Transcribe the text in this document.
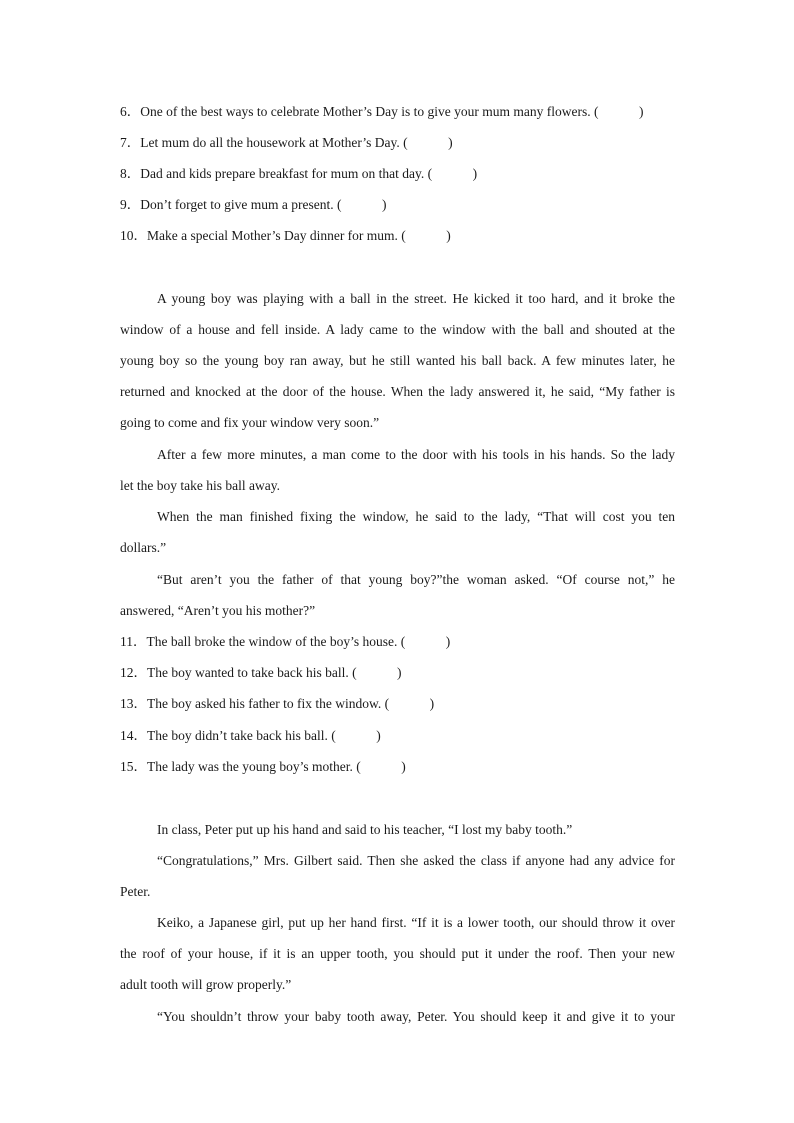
6．One of the best ways to celebrate Mother’s Day is to give your mum many flowers. (　　　)
7．Let mum do all the housework at Mother’s Day. (　　　)
8．Dad and kids prepare breakfast for mum on that day. (　　　)
9．Don’t forget to give mum a present. (　　　)
10．Make a special Mother’s Day dinner for mum. (　　　)
A young boy was playing with a ball in the street. He kicked it too hard, and it broke the
window of a house and fell inside. A lady came to the window with the ball and shouted at the
young boy so the young boy ran away, but he still wanted his ball back. A few minutes later, he
returned and knocked at the door of the house. When the lady answered it, he said, “My father is
going to come and fix your window very soon.”
After a few more minutes, a man come to the door with his tools in his hands. So the lady
let the boy take his ball away.
When the man finished fixing the window, he said to the lady, “That will cost you ten
dollars.”
“But aren’t you the father of that young boy?”the woman asked. “Of course not,” he
answered, “Aren’t you his mother?”
11．The ball broke the window of the boy’s house. (　　　)
12．The boy wanted to take back his ball. (　　　)
13．The boy asked his father to fix the window. (　　　)
14．The boy didn’t take back his ball. (　　　)
15．The lady was the young boy’s mother. (　　　)
In class, Peter put up his hand and said to his teacher, “I lost my baby tooth.”
“Congratulations,” Mrs. Gilbert said. Then she asked the class if anyone had any advice for
Peter.
Keiko, a Japanese girl, put up her hand first. “If it is a lower tooth, our should throw it over
the roof of your house, if it is an upper tooth, you should put it under the roof. Then your new
adult tooth will grow properly.”
“You shouldn’t throw your baby tooth away, Peter. You should keep it and give it to your
